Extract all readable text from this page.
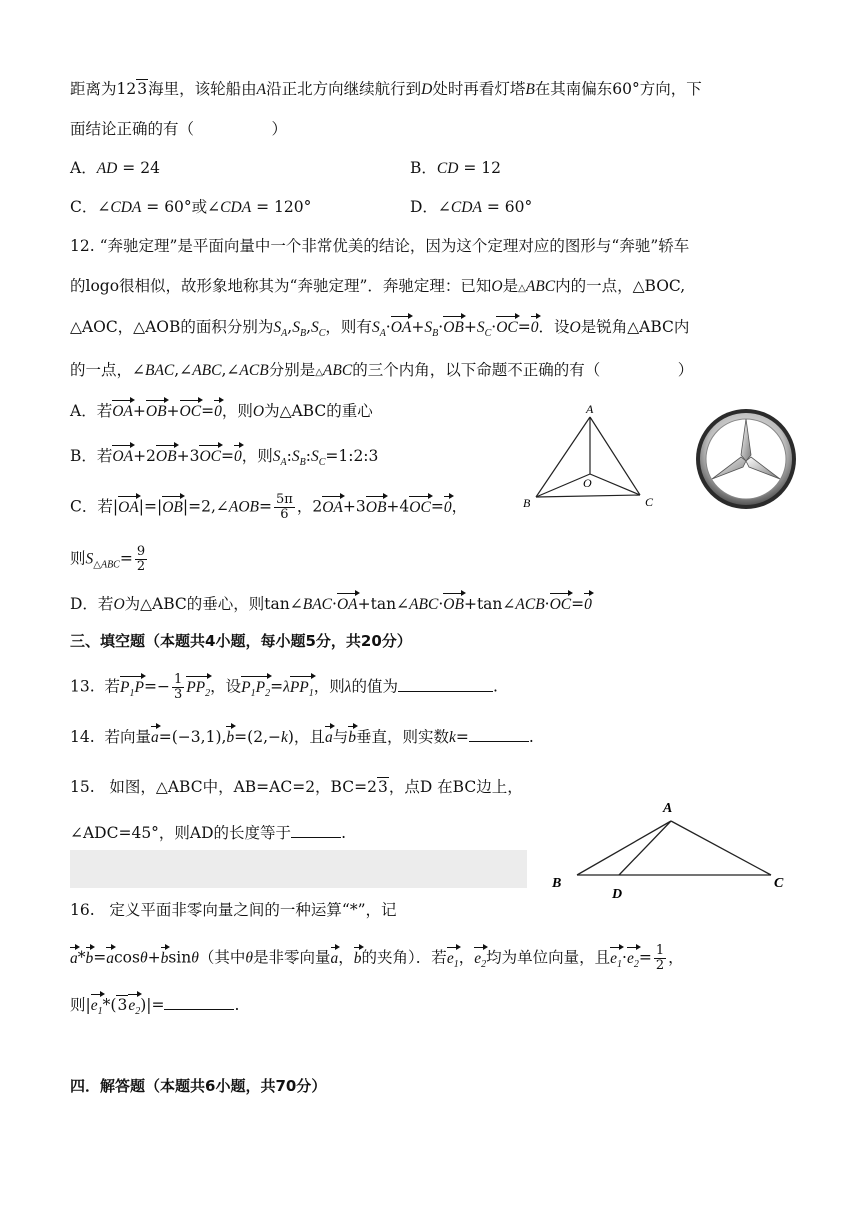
距离为123海里，该轮船由A沿正北方向继续航行到D处时再看灯塔B在其南偏东60°方向，下
面结论正确的有（　　　　　）
A．AD = 24	B．CD = 12
C．∠CDA = 60°或∠CDA = 120°	D．∠CDA = 60°
12. “奔驰定理”是平面向量中一个非常优美的结论，因为这个定理对应的图形与“奔驰”轿车
的logo很相似，故形象地称其为“奔驰定理”．奔驰定理：已知O是△ABC内的一点，△BOC,
△AOC，△AOB的面积分别为$S_A,S_B,S_C$，则有$S_A\cdot OA+S_B\cdot OB+S_C\cdot OC=0$．设O是锐角△ABC内
的一点，∠BAC,∠ABC,∠ACB分别是△ABC的三个内角，以下命题不正确的有（　　　　　）
A．若OA+OB+OC=0，则O为△ABC的重心
B．若OA+2OB+3OC=0，则$S_A:S_B:S_C=1:2:3$
C．若|OA|=|OB|=2,∠AOB= $\frac{5\pi}{6}$ ，2OA+3OB+4OC=0，
则$S_{\triangle ABC}= \frac{9}{2}$
D．若O为△ABC的垂心，则tan∠BAC·OA+tan∠ABC·OB+tan∠ACB·OC=0
A
B	C
O
三、填空题（本题共4小题，每小题5分，共20分）
13.  若$P_1P=- \frac{1}{3} PP_2$，设$P_1P_2=\lambda PP_1$，则λ的值为	.
14.  若向量a=(−3,1),b=(2,−k)，且a与b垂直，则实数k=	.
15.   如图，△ABC中，AB=AC=2，BC=23，点D 在BC边上，
∠ADC=45°，则AD的长度等于	.
A
B	C
D
16.   定义平面非零向量之间的一种运算“*”，记
a*b=acosθ+bsinθ（其中θ是非零向量a，b的夹角）．若$e_1$，$e_2$均为单位向量，且$e_1\cdot e_2= \frac{1}{2}$ ，
则$|e_1*(3e_2)|=$	.
四．解答题（本题共6小题，共70分）
